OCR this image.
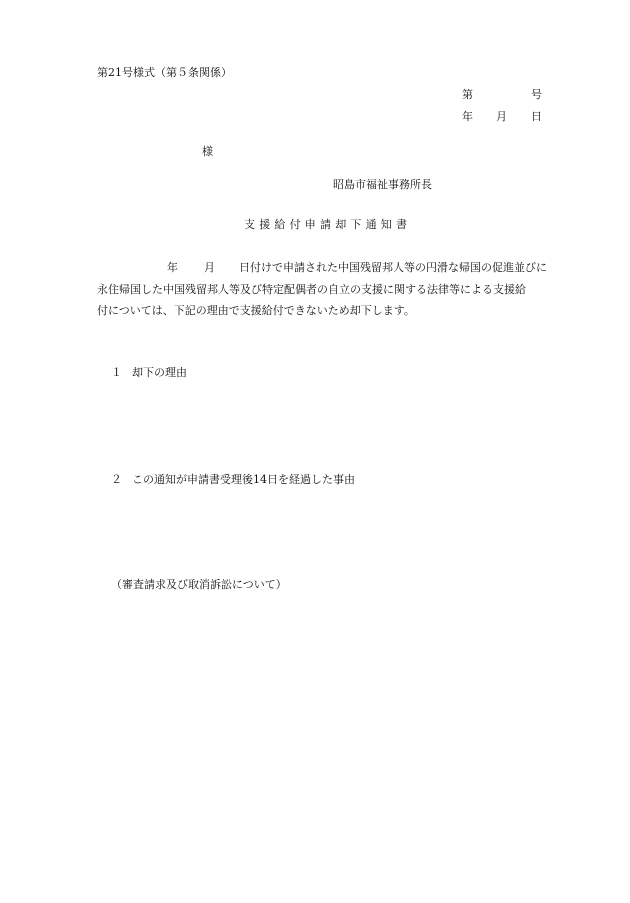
第21号様式（第５条関係）
第	号
年 月 日
様
昭島市福祉事務所長
支援給付申請却下通知書
年 月 日付けで申請された中国残留邦人等の円滑な帰国の促進並びに
永住帰国した中国残留邦人等及び特定配偶者の自立の支援に関する法律等による支援給
付については、下記の理由で支援給付できないため却下します。
１ 却下の理由
２ この通知が申請書受理後14日を経過した事由
（審査請求及び取消訴訟について）
